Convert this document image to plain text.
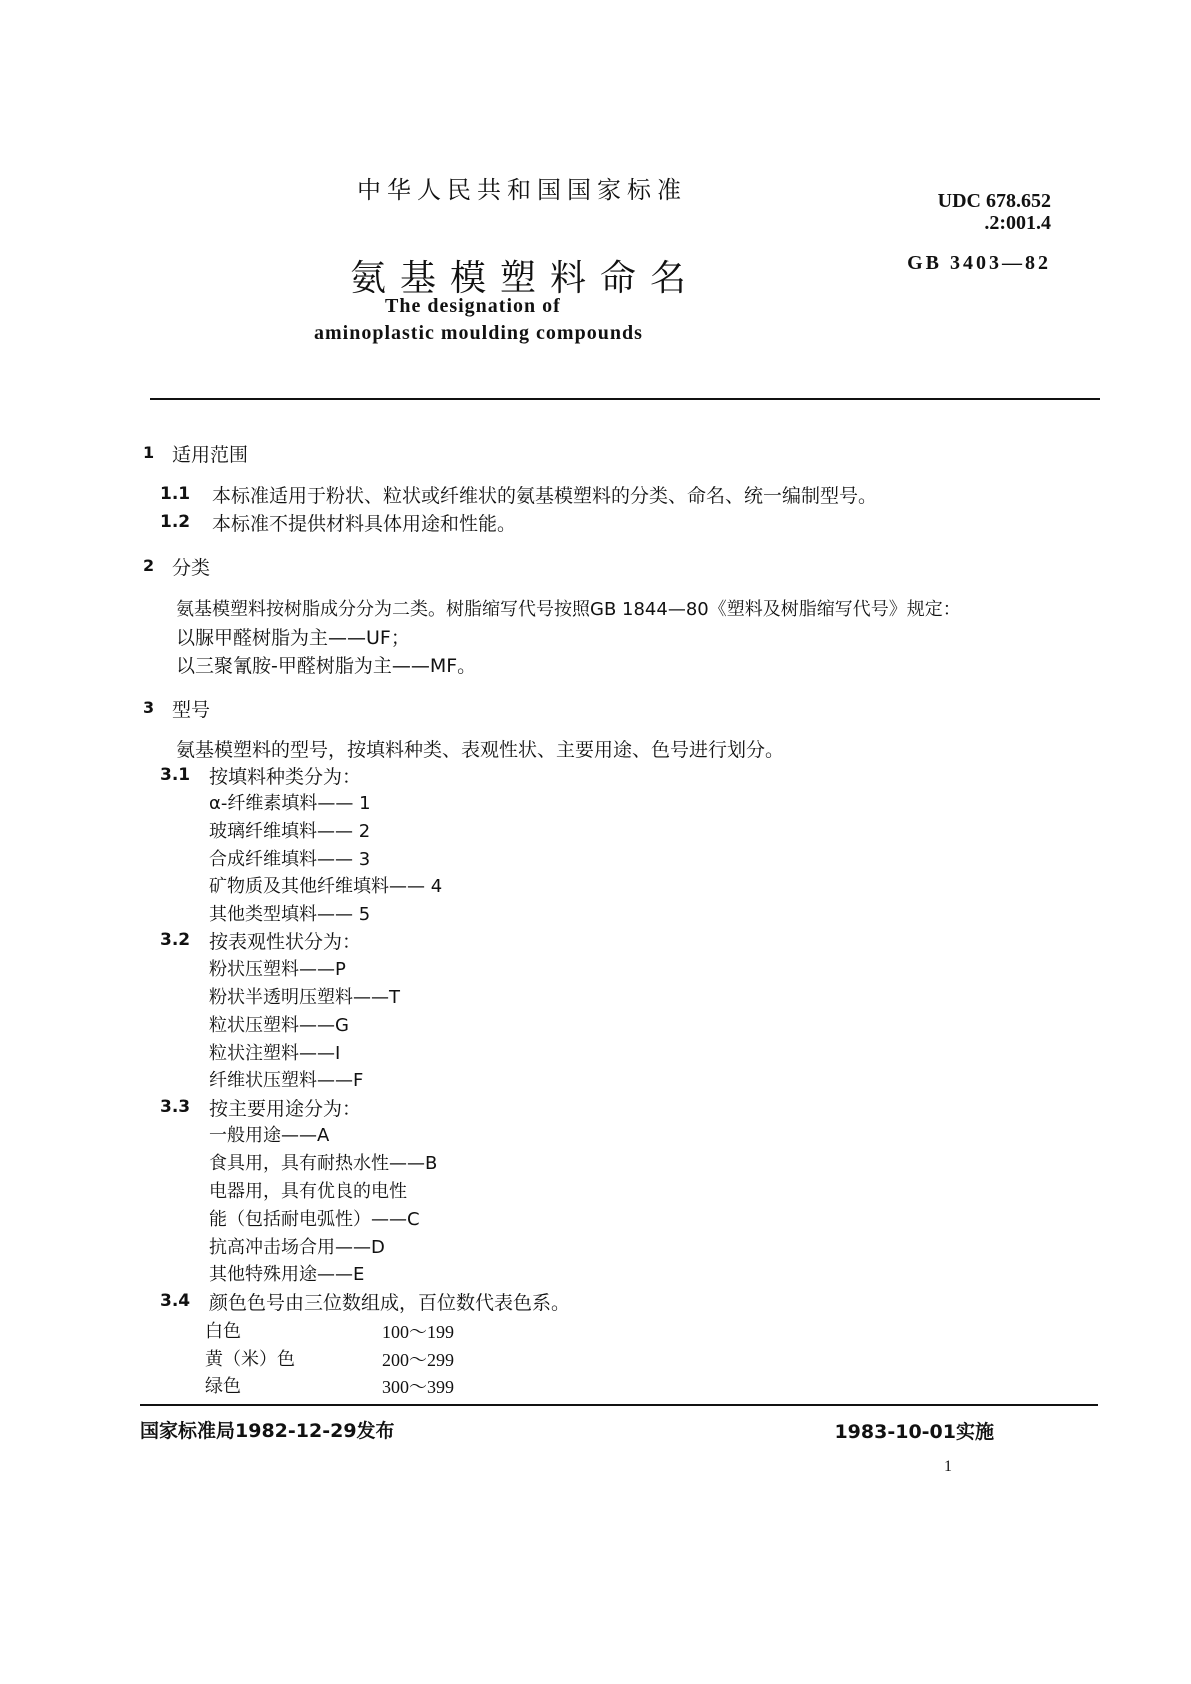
中华人民共和国国家标准
氨基模塑料命名
The designation of
aminoplastic moulding compounds
UDC 678.652
.2:001.4
GB 3403—82
1 适用范围
1.1 本标准适用于粉状、粒状或纤维状的氨基模塑料的分类、命名、统一编制型号。
1.2 本标准不提供材料具体用途和性能。
2 分类
氨基模塑料按树脂成分分为二类。树脂缩写代号按照GB 1844—80《塑料及树脂缩写代号》规定：
以脲甲醛树脂为主——UF；
以三聚氰胺-甲醛树脂为主——MF。
3 型号
氨基模塑料的型号，按填料种类、表观性状、主要用途、色号进行划分。
3.1 按填料种类分为：
α-纤维素填料—— 1
玻璃纤维填料—— 2
合成纤维填料—— 3
矿物质及其他纤维填料—— 4
其他类型填料—— 5
3.2 按表观性状分为：
粉状压塑料——P
粉状半透明压塑料——T
粒状压塑料——G
粒状注塑料——I
纤维状压塑料——F
3.3 按主要用途分为：
一般用途——A
食具用，具有耐热水性——B
电器用，具有优良的电性
能（包括耐电弧性）——C
抗高冲击场合用——D
其他特殊用途——E
3.4 颜色色号由三位数组成，百位数代表色系。
白色	100～199
黄（米）色	200～299
绿色	300～399
国家标准局1982-12-29发布	1983-10-01实施
1
